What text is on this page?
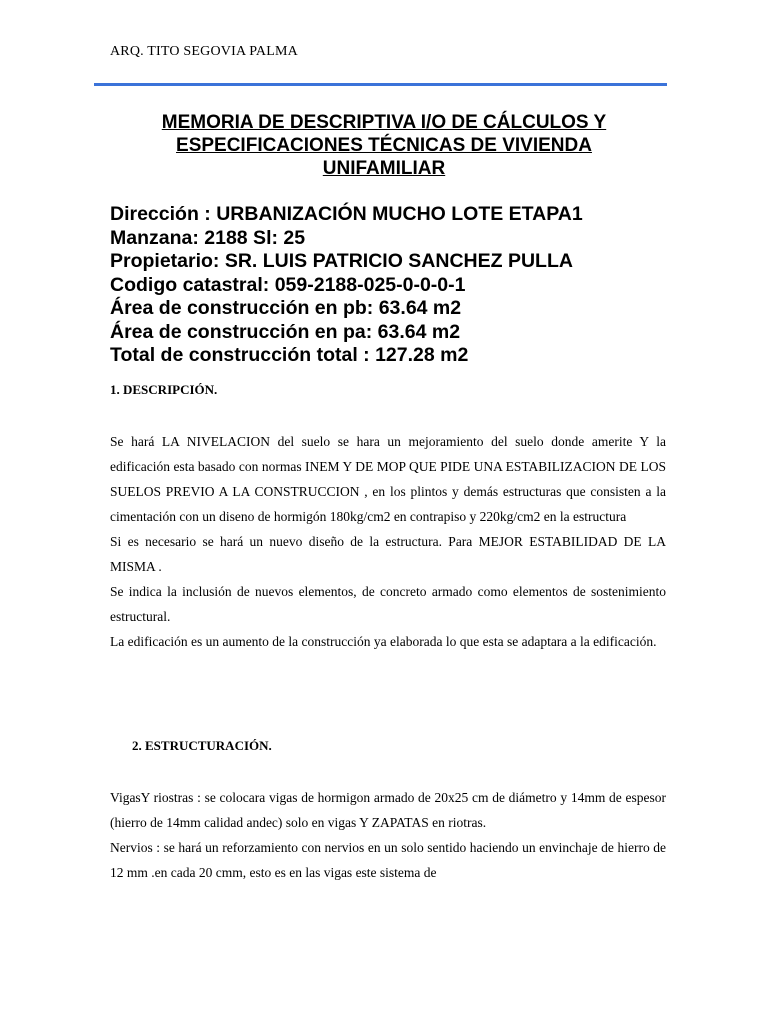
ARQ. TITO SEGOVIA PALMA
MEMORIA DE DESCRIPTIVA I/O DE CÁLCULOS Y
ESPECIFICACIONES TÉCNICAS DE VIVIENDA
UNIFAMILIAR
Dirección : URBANIZACIÓN MUCHO LOTE ETAPA1
Manzana: 2188 Sl: 25
Propietario: SR. LUIS PATRICIO SANCHEZ PULLA
Codigo catastral: 059-2188-025-0-0-0-1
Área de construcción en pb: 63.64 m2
Área de construcción en pa: 63.64 m2
Total de construcción total : 127.28 m2
1. DESCRIPCIÓN.

Se hará LA NIVELACION del suelo se hara un mejoramiento del suelo donde amerite Y la edificación esta basado con normas INEM Y DE MOP QUE PIDE UNA ESTABILIZACION DE LOS SUELOS PREVIO A LA CONSTRUCCION , en los plintos y demás estructuras que consisten a la cimentación con un diseno de hormigón 180kg/cm2 en contrapiso y 220kg/cm2 en la estructura

Si es necesario se hará un nuevo diseño de la estructura. Para MEJOR ESTABILIDAD DE LA MISMA .

Se indica la inclusión de nuevos elementos, de concreto armado como elementos de sostenimiento estructural.

La edificación es un aumento de la construcción ya elaborada lo que esta se adaptara a la edificación.

2. ESTRUCTURACIÓN.

VigasY riostras : se colocara vigas de hormigon armado de 20x25 cm de diámetro y 14mm de espesor (hierro de 14mm calidad andec) solo en vigas Y ZAPATAS en riotras.

Nervios : se hará un reforzamiento con nervios en un solo sentido haciendo un envinchaje de hierro de 12 mm .en cada 20 cmm, esto es en las vigas este sistema de
